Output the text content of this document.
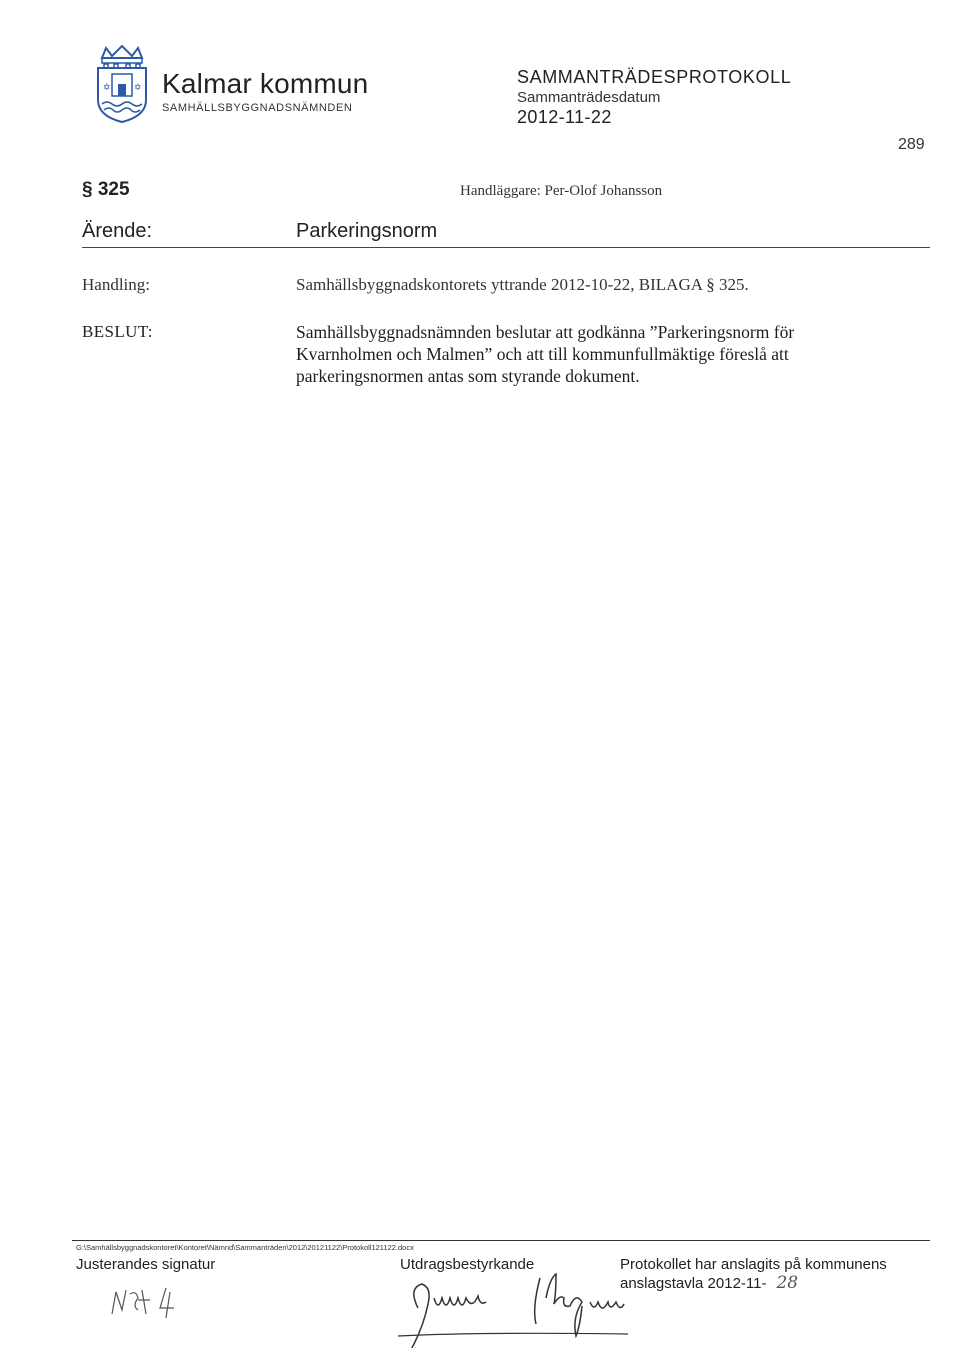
✡	✡ Kalmar kommun
SAMHÄLLSBYGGNADSNÄMNDEN
SAMMANTRÄDESPROTOKOLL
Sammanträdesdatum
2012-11-22
289
§ 325	Handläggare: Per-Olof Johansson
Ärende:	Parkeringsnorm
Handling:	Samhällsbyggnadskontorets yttrande 2012-10-22, BILAGA § 325.
BESLUT:	Samhällsbyggnadsnämnden beslutar att godkänna ”Parkeringsnorm för
Kvarnholmen och Malmen” och att till kommunfullmäktige föreslå att
parkeringsnormen antas som styrande dokument.
G:\Samhällsbyggnadskontoret\Kontoret\Nämnd\Sammanträden\2012\20121122\Protokoll121122.docx
Justerandes signatur	Utdragsbestyrkande	Protokollet har anslagits på kommunens
anslagstavla 2012-11- 28
